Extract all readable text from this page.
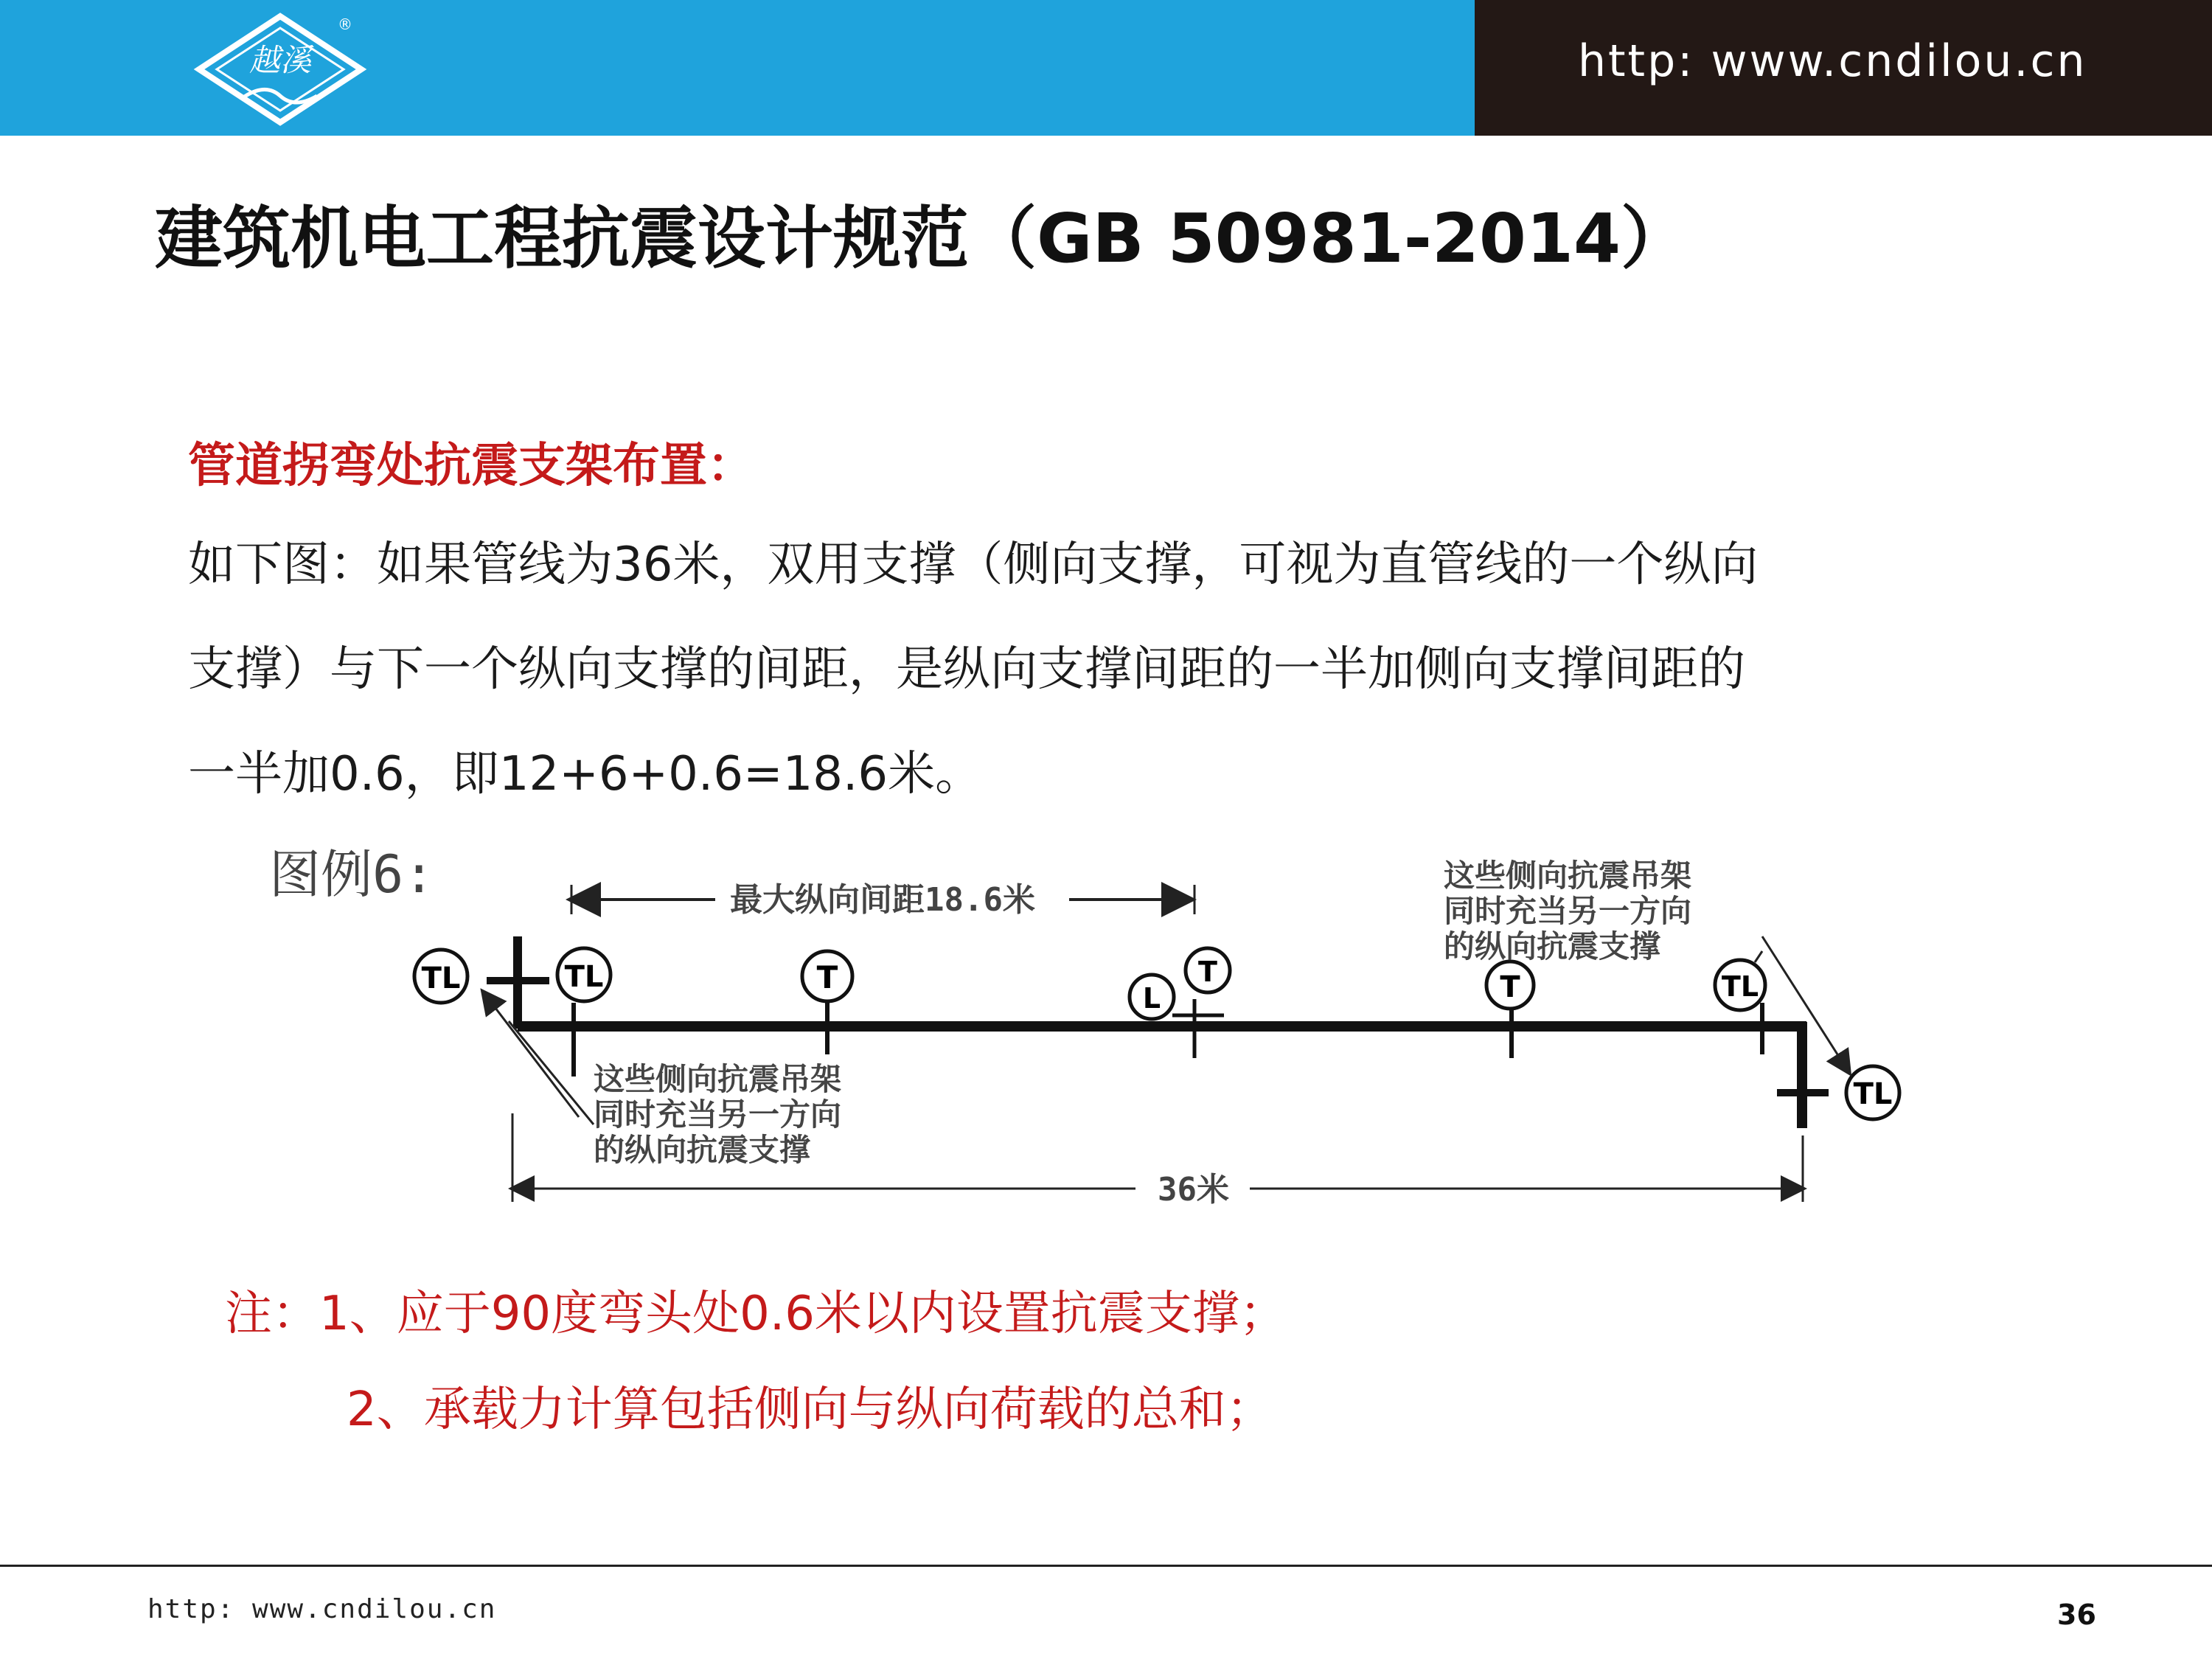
http: www.cndilou.cn
越溪
®
建筑机电工程抗震设计规范（GB 50981-2014）
管道拐弯处抗震支架布置：
如下图：如果管线为36米，双用支撑（侧向支撑，可视为直管线的一个纵向
支撑）与下一个纵向支撑的间距，是纵向支撑间距的一半加侧向支撑间距的
一半加0.6，即12+6+0.6=18.6米。
图例6:	最大纵向间距18.6米
TL	TL	T
L
T	T	TL
TL
这些侧向抗震吊架
同时充当另一方向
的纵向抗震支撑
这些侧向抗震吊架
同时充当另一方向
的纵向抗震支撑
36米
注：1、应于90度弯头处0.6米以内设置抗震支撑；
2、承载力计算包括侧向与纵向荷载的总和；
http: www.cndilou.cn	36
